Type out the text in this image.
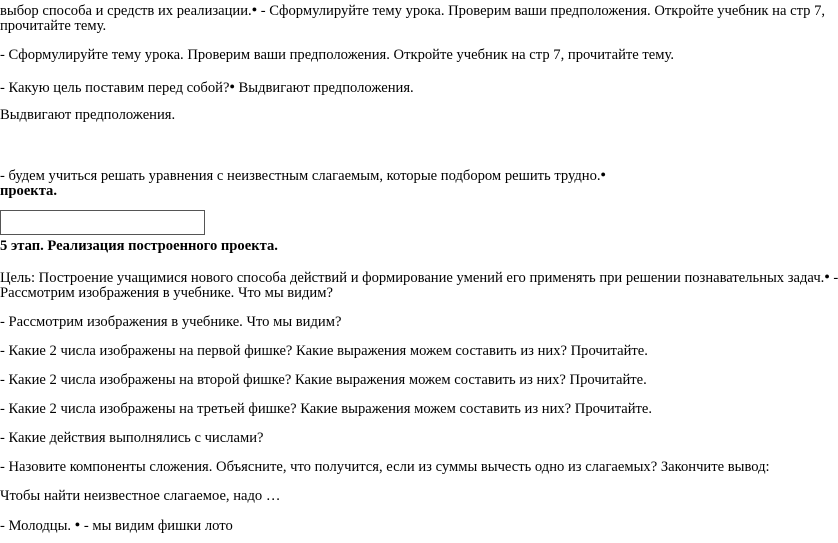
выбор способа и средств их реализации.● - Сформулируйте тему урока. Проверим ваши предположения. Откройте учебник на стр 7,
прочитайте тему.
- Сформулируйте тему урока. Проверим ваши предположения. Откройте учебник на стр 7, прочитайте тему.
- Какую цель поставим перед собой?● Выдвигают предположения.
Выдвигают предположения.
- будем учиться решать уравнения с неизвестным слагаемым, которые подбором решить трудно.●
проекта.
5 этап. Реализация построенного проекта.
Цель: Построение учащимися нового способа действий и формирование умений его применять при решении познавательных задач.● -
Рассмотрим изображения в учебнике. Что мы видим?
- Рассмотрим изображения в учебнике. Что мы видим?
- Какие 2 числа изображены на первой фишке? Какие выражения можем составить из них? Прочитайте.
- Какие 2 числа изображены на второй фишке? Какие выражения можем составить из них? Прочитайте.
- Какие 2 числа изображены на третьей фишке? Какие выражения можем составить из них? Прочитайте.
- Какие действия выполнялись с числами?
- Назовите компоненты сложения. Объясните, что получится, если из суммы вычесть одно из слагаемых? Закончите вывод:
Чтобы найти неизвестное слагаемое, надо …
- Молодцы. ● - мы видим фишки лото
